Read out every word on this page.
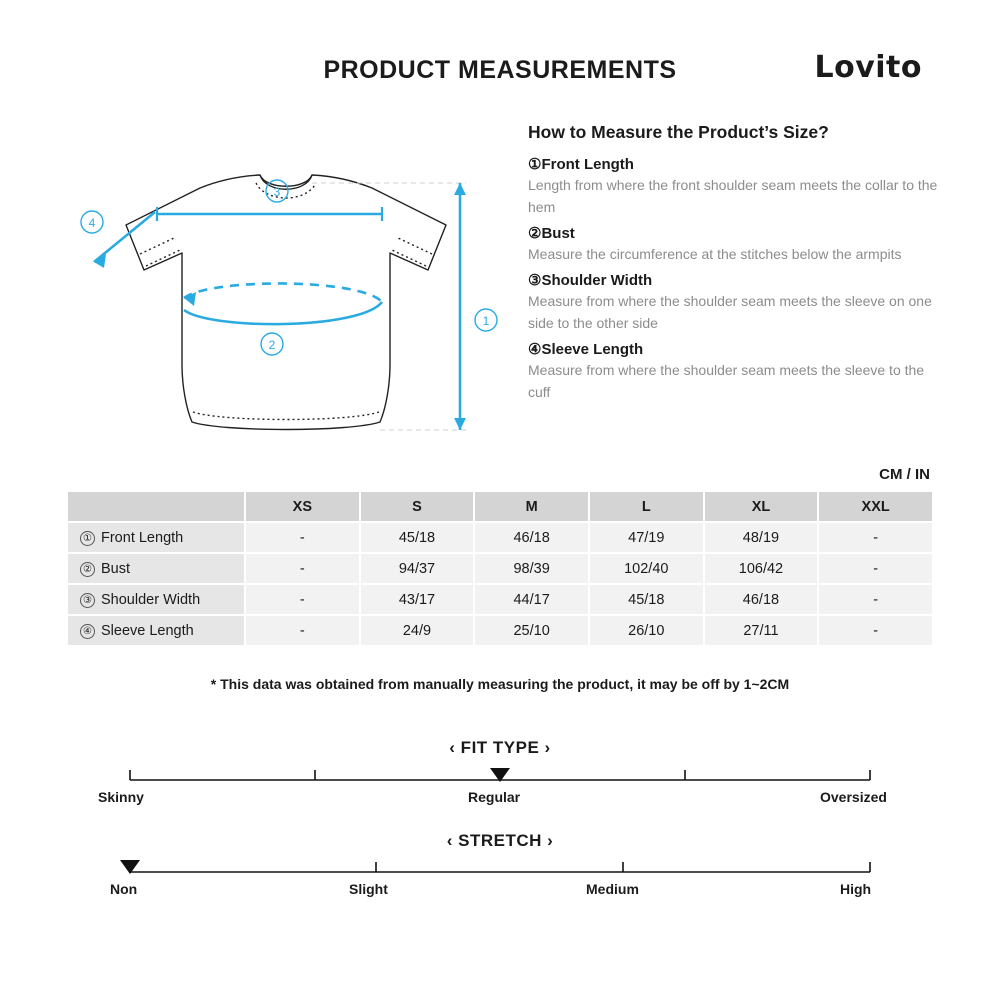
PRODUCT MEASUREMENTS	Lovito
3
4
1
2
How to Measure the Product’s Size?
①Front Length
Length from where the front shoulder seam meets the collar to the hem
②Bust
Measure the circumference at the stitches below the armpits
③Shoulder Width
Measure from where the shoulder seam meets the sleeve on one side to the other side
④Sleeve Length
Measure from where the shoulder seam meets the sleeve to the cuff
CM / IN
	XS	S	M	L	XL	XXL
① Front Length	-	45/18	46/18	47/19	48/19	-
② Bust	-	94/37	98/39	102/40	106/42	-
③ Shoulder Width	-	43/17	44/17	45/18	46/18	-
④ Sleeve Length	-	24/9	25/10	26/10	27/11	-
* This data was obtained from manually measuring the product, it may be off by 1~2CM
‹ FIT TYPE ›
Skinny	Regular	Oversized
‹ STRETCH ›
Non	Slight	Medium	High
